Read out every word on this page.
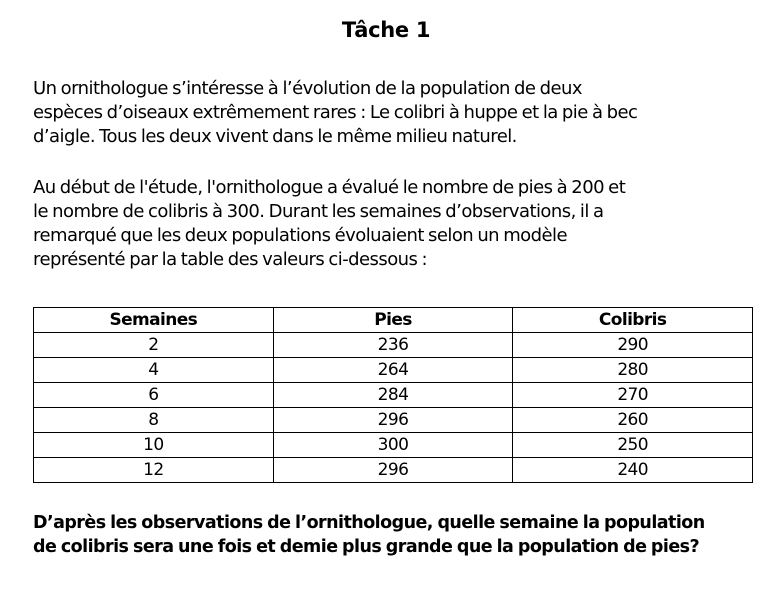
Tâche 1

Un ornithologue s’intéresse à l’évolution de la population de deux
espèces d’oiseaux extrêmement rares : Le colibri à huppe et la pie à bec
d’aigle. Tous les deux vivent dans le même milieu naturel.

Au début de l'étude, l'ornithologue a évalué le nombre de pies à 200 et
le nombre de colibris à 300. Durant les semaines d’observations, il a
remarqué que les deux populations évoluaient selon un modèle
représenté par la table des valeurs ci-dessous :

Semaines	Pies	Colibris
2	236	290
4	264	280
6	284	270
8	296	260
10	300	250
12	296	240

D’après les observations de l’ornithologue, quelle semaine la population
de colibris sera une fois et demie plus grande que la population de pies?
